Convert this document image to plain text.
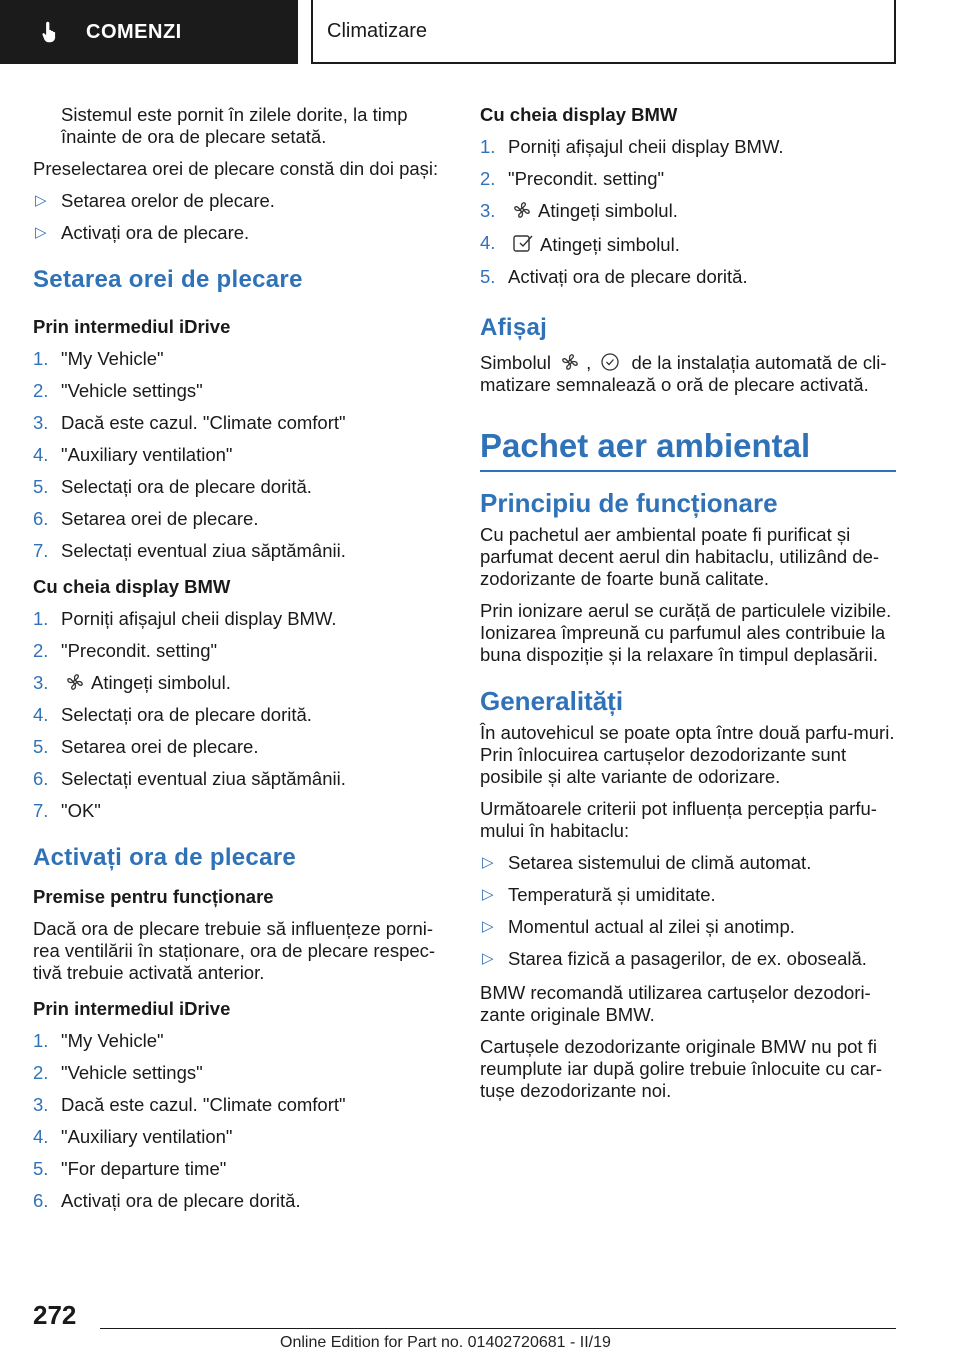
COMENZI	Climatizare

Sistemul este pornit în zilele dorite, la timp înainte de ora de plecare setată.

Preselectarea orei de plecare constă din doi pași:

▷ Setarea orelor de plecare.
▷ Activați ora de plecare.
Setarea orei de plecare
Prin intermediul iDrive
1. "My Vehicle"
2. "Vehicle settings"
3. Dacă este cazul. "Climate comfort"
4. "Auxiliary ventilation"
5. Selectați ora de plecare dorită.
6. Setarea orei de plecare.
7. Selectați eventual ziua săptămânii.
Cu cheia display BMW
1. Porniți afișajul cheii display BMW.
2. "Precondit. setting"
3. Atingeți simbolul.
4. Selectați ora de plecare dorită.
5. Setarea orei de plecare.
6. Selectați eventual ziua săptămânii.
7. "OK"
Activați ora de plecare
Premise pentru funcționare

Dacă ora de plecare trebuie să influențeze porni-rea ventilării în staționare, ora de plecare respec-tivă trebuie activată anterior.

Prin intermediul iDrive
1. "My Vehicle"
2. "Vehicle settings"
3. Dacă este cazul. "Climate comfort"
4. "Auxiliary ventilation"
5. "For departure time"
6. Activați ora de plecare dorită.
Cu cheia display BMW
1. Porniți afișajul cheii display BMW.
2. "Precondit. setting"
3. Atingeți simbolul.
4. Atingeți simbolul.
5. Activați ora de plecare dorită.
Afișaj

Simbolul , de la instalația automată de cli-matizare semnalează o oră de plecare activată.

Pachet aer ambiental
Principiu de funcționare

Cu pachetul aer ambiental poate fi purificat și parfumat decent aerul din habitaclu, utilizând de-zodorizante de foarte bună calitate.

Prin ionizare aerul se curăță de particulele vizibile. Ionizarea împreună cu parfumul ales contribuie la buna dispoziție și la relaxare în timpul deplasării.

Generalități

În autovehicul se poate opta între două parfu-muri. Prin înlocuirea cartușelor dezodorizante sunt posibile și alte variante de odorizare.

Următoarele criterii pot influența percepția parfu-mului în habitaclu:

▷ Setarea sistemului de climă automat.
▷ Temperatură și umiditate.
▷ Momentul actual al zilei și anotimp.
▷ Starea fizică a pasagerilor, de ex. oboseală.

BMW recomandă utilizarea cartușelor dezodori-zante originale BMW.

Cartușele dezodorizante originale BMW nu pot fi reumplute iar după golire trebuie înlocuite cu car-tușe dezodorizante noi.

272
Online Edition for Part no. 01402720681 - II/19
